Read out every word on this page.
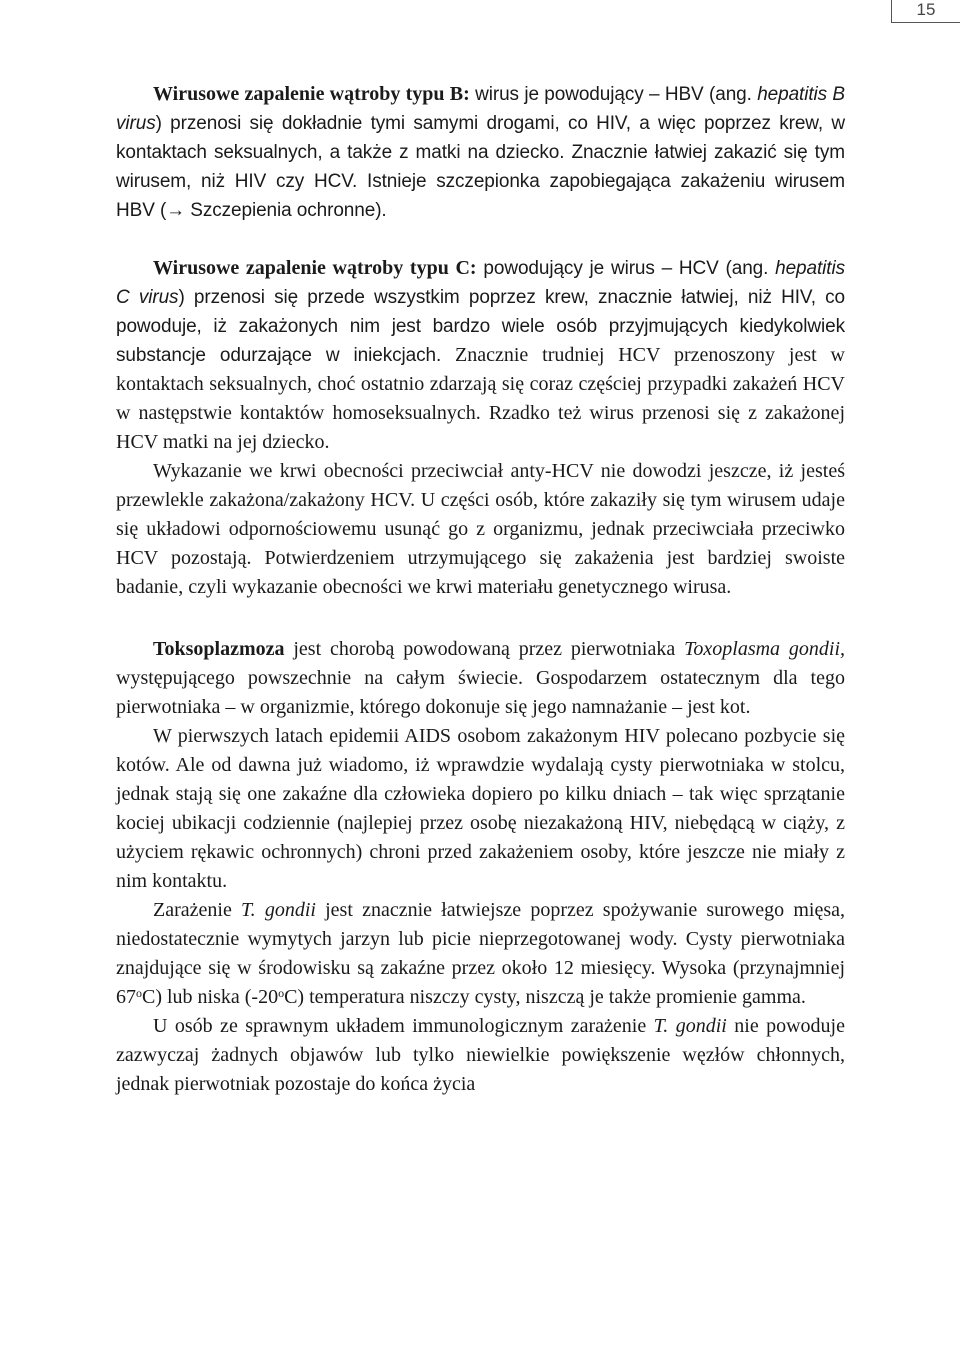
15

Wirusowe zapalenie wątroby typu B: wirus je powodujący – HBV (ang. hepatitis B virus) przenosi się dokładnie tymi samymi drogami, co HIV, a więc poprzez krew, w kontaktach seksualnych, a także z matki na dziecko. Znacznie łatwiej zakazić się tym wirusem, niż HIV czy HCV. Istnieje szczepionka zapobiegająca zakażeniu wirusem HBV (→ Szczepienia ochronne).

Wirusowe zapalenie wątroby typu C: powodujący je wirus – HCV (ang. hepatitis C virus) przenosi się przede wszystkim poprzez krew, znacznie łatwiej, niż HIV, co powoduje, iż zakażonych nim jest bardzo wiele osób przyjmujących kiedykolwiek substancje odurzające w iniekcjach. Znacznie trudniej HCV przenoszony jest w kontaktach seksualnych, choć ostatnio zdarzają się coraz częściej przypadki zakażeń HCV w następstwie kontaktów homoseksualnych. Rzadko też wirus przenosi się z zakażonej HCV matki na jej dziecko.

Wykazanie we krwi obecności przeciwciał anty-HCV nie dowodzi jeszcze, iż jesteś przewlekle zakażona/zakażony HCV. U części osób, które zakaziły się tym wirusem udaje się układowi odpornościowemu usunąć go z organizmu, jednak przeciwciała przeciwko HCV pozostają. Potwierdzeniem utrzymującego się zakażenia jest bardziej swoiste badanie, czyli wykazanie obecności we krwi materiału genetycznego wirusa.

Toksoplazmoza jest chorobą powodowaną przez pierwotniaka Toxoplasma gondii, występującego powszechnie na całym świecie. Gospodarzem ostatecznym dla tego pierwotniaka – w organizmie, którego dokonuje się jego namnażanie – jest kot.

W pierwszych latach epidemii AIDS osobom zakażonym HIV polecano pozbycie się kotów. Ale od dawna już wiadomo, iż wprawdzie wydalają cysty pierwotniaka w stolcu, jednak stają się one zakaźne dla człowieka dopiero po kilku dniach – tak więc sprzątanie kociej ubikacji codziennie (najlepiej przez osobę niezakażoną HIV, niebędącą w ciąży, z użyciem rękawic ochronnych) chroni przed zakażeniem osoby, które jeszcze nie miały z nim kontaktu.

Zarażenie T. gondii jest znacznie łatwiejsze poprzez spożywanie surowego mięsa, niedostatecznie wymytych jarzyn lub picie nieprzegotowanej wody. Cysty pierwotniaka znajdujące się w środowisku są zakaźne przez około 12 miesięcy. Wysoka (przynajmniej 67$^o$C) lub niska (-20$^o$C) temperatura niszczy cysty, niszczą je także promienie gamma.

U osób ze sprawnym układem immunologicznym zarażenie T. gondii nie powoduje zazwyczaj żadnych objawów lub tylko niewielkie powiększenie węzłów chłonnych, jednak pierwotniak pozostaje do końca życia
